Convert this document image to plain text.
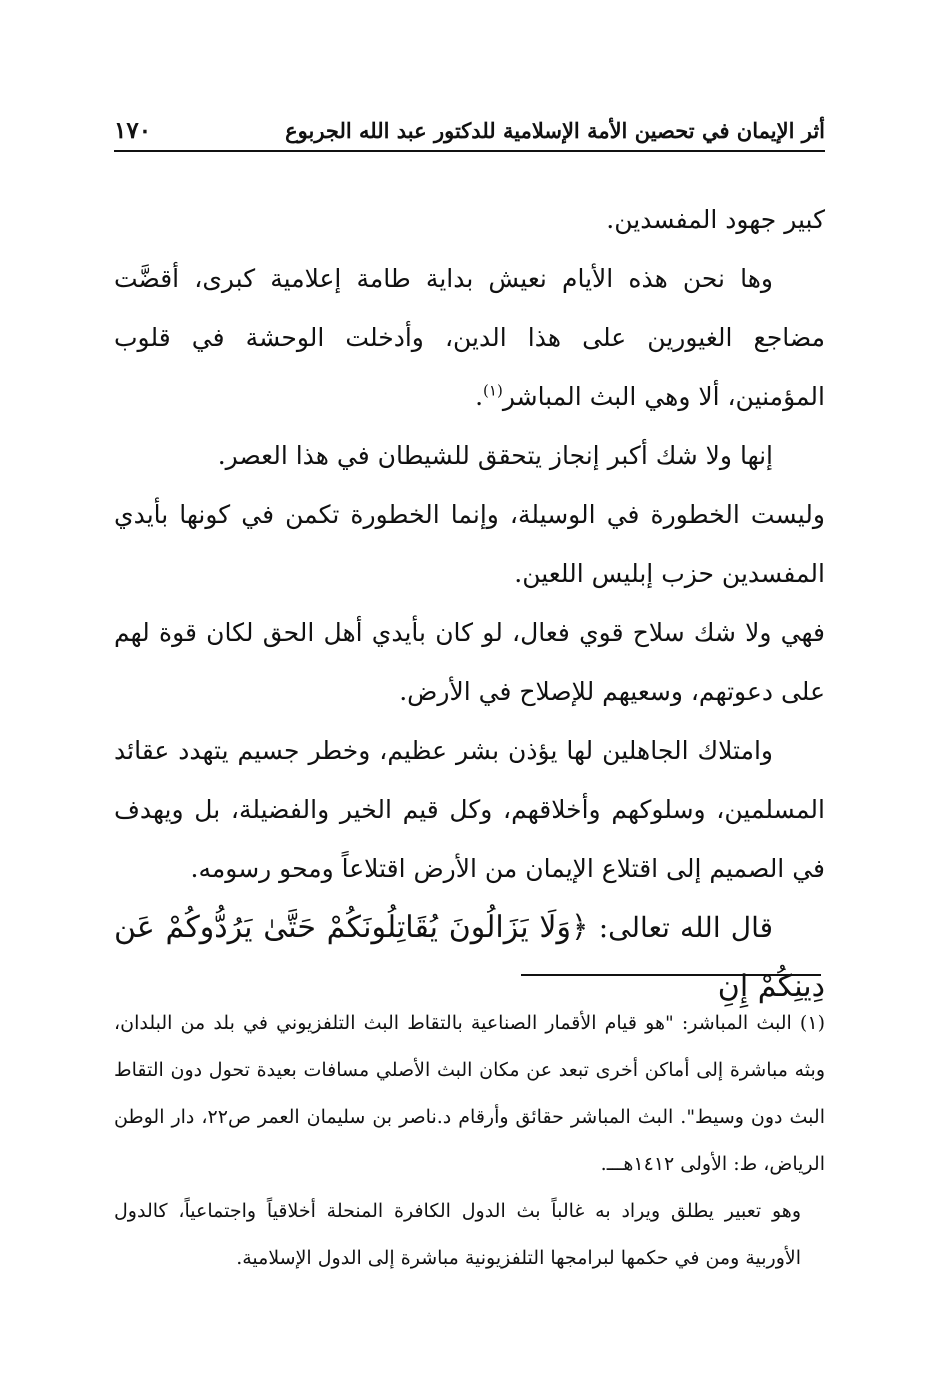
أثر الإيمان في تحصين الأمة الإسلامية للدكتور عبد الله الجربوع
١٧٠

كبير جهود المفسدين.

وها نحن هذه الأيام نعيش بداية طامة إعلامية كبرى، أقضَّت مضاجع الغيورين على هذا الدين، وأدخلت الوحشة في قلوب المؤمنين، ألا وهي البث المباشر$^{(١)}$.

إنها ولا شك أكبر إنجاز يتحقق للشيطان في هذا العصر.

وليست الخطورة في الوسيلة، وإنما الخطورة تكمن في كونها بأيدي المفسدين حزب إبليس اللعين.

فهي ولا شك سلاح قوي فعال، لو كان بأيدي أهل الحق لكان قوة لهم على دعوتهم، وسعيهم للإصلاح في الأرض.

وامتلاك الجاهلين لها يؤذن بشر عظيم، وخطر جسيم يتهدد عقائد المسلمين، وسلوكهم وأخلاقهم، وكل قيم الخير والفضيلة، بل ويهدف في الصميم إلى اقتلاع الإيمان من الأرض اقتلاعاً ومحو رسومه.

قال الله تعالى: ﴿وَلَا يَزَالُونَ يُقَاتِلُونَكُمْ حَتَّىٰ يَرُدُّوكُمْ عَن دِينِكُمْ إِنِ

(١) البث المباشر: "هو قيام الأقمار الصناعية بالتقاط البث التلفزيوني في بلد من البلدان، وبثه مباشرة إلى أماكن أخرى تبعد عن مكان البث الأصلي مسافات بعيدة تحول دون التقاط البث دون وسيط". البث المباشر حقائق وأرقام د.ناصر بن سليمان العمر ص٢٢، دار الوطن الرياض، ط: الأولى ١٤١٢هـــ.

وهو تعبير يطلق ويراد به غالباً بث الدول الكافرة المنحلة أخلاقياً واجتماعياً، كالدول الأوربية ومن في حكمها لبرامجها التلفزيونية مباشرة إلى الدول الإسلامية.
